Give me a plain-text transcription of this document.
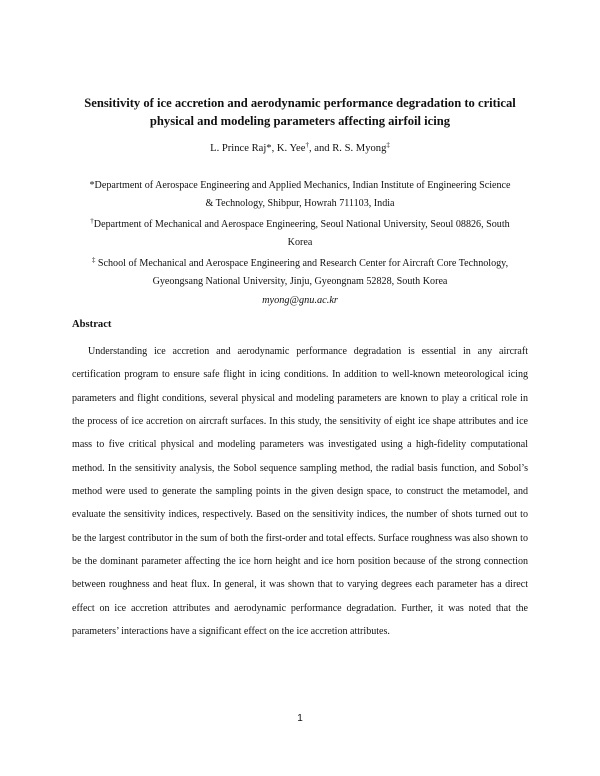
Sensitivity of ice accretion and aerodynamic performance degradation to critical
physical and modeling parameters affecting airfoil icing
L. Prince Raj*, K. Yee†, and R. S. Myong‡
*Department of Aerospace Engineering and Applied Mechanics, Indian Institute of Engineering Science
& Technology, Shibpur, Howrah 711103, India
†Department of Mechanical and Aerospace Engineering, Seoul National University, Seoul 08826, South
Korea
‡ School of Mechanical and Aerospace Engineering and Research Center for Aircraft Core Technology,
Gyeongsang National University, Jinju, Gyeongnam 52828, South Korea
myong@gnu.ac.kr
Abstract

Understanding ice accretion and aerodynamic performance degradation is essential in any aircraft certification program to ensure safe flight in icing conditions. In addition to well-known meteorological icing parameters and flight conditions, several physical and modeling parameters are known to play a critical role in the process of ice accretion on aircraft surfaces. In this study, the sensitivity of eight ice shape attributes and ice mass to five critical physical and modeling parameters was investigated using a high-fidelity computational method. In the sensitivity analysis, the Sobol sequence sampling method, the radial basis function, and Sobol’s method were used to generate the sampling points in the given design space, to construct the metamodel, and evaluate the sensitivity indices, respectively. Based on the sensitivity indices, the number of shots turned out to be the largest contributor in the sum of both the first-order and total effects. Surface roughness was also shown to be the dominant parameter affecting the ice horn height and ice horn position because of the strong connection between roughness and heat flux. In general, it was shown that to varying degrees each parameter has a direct effect on ice accretion attributes and aerodynamic performance degradation. Further, it was noted that the parameters’ interactions have a significant effect on the ice accretion attributes.

1
